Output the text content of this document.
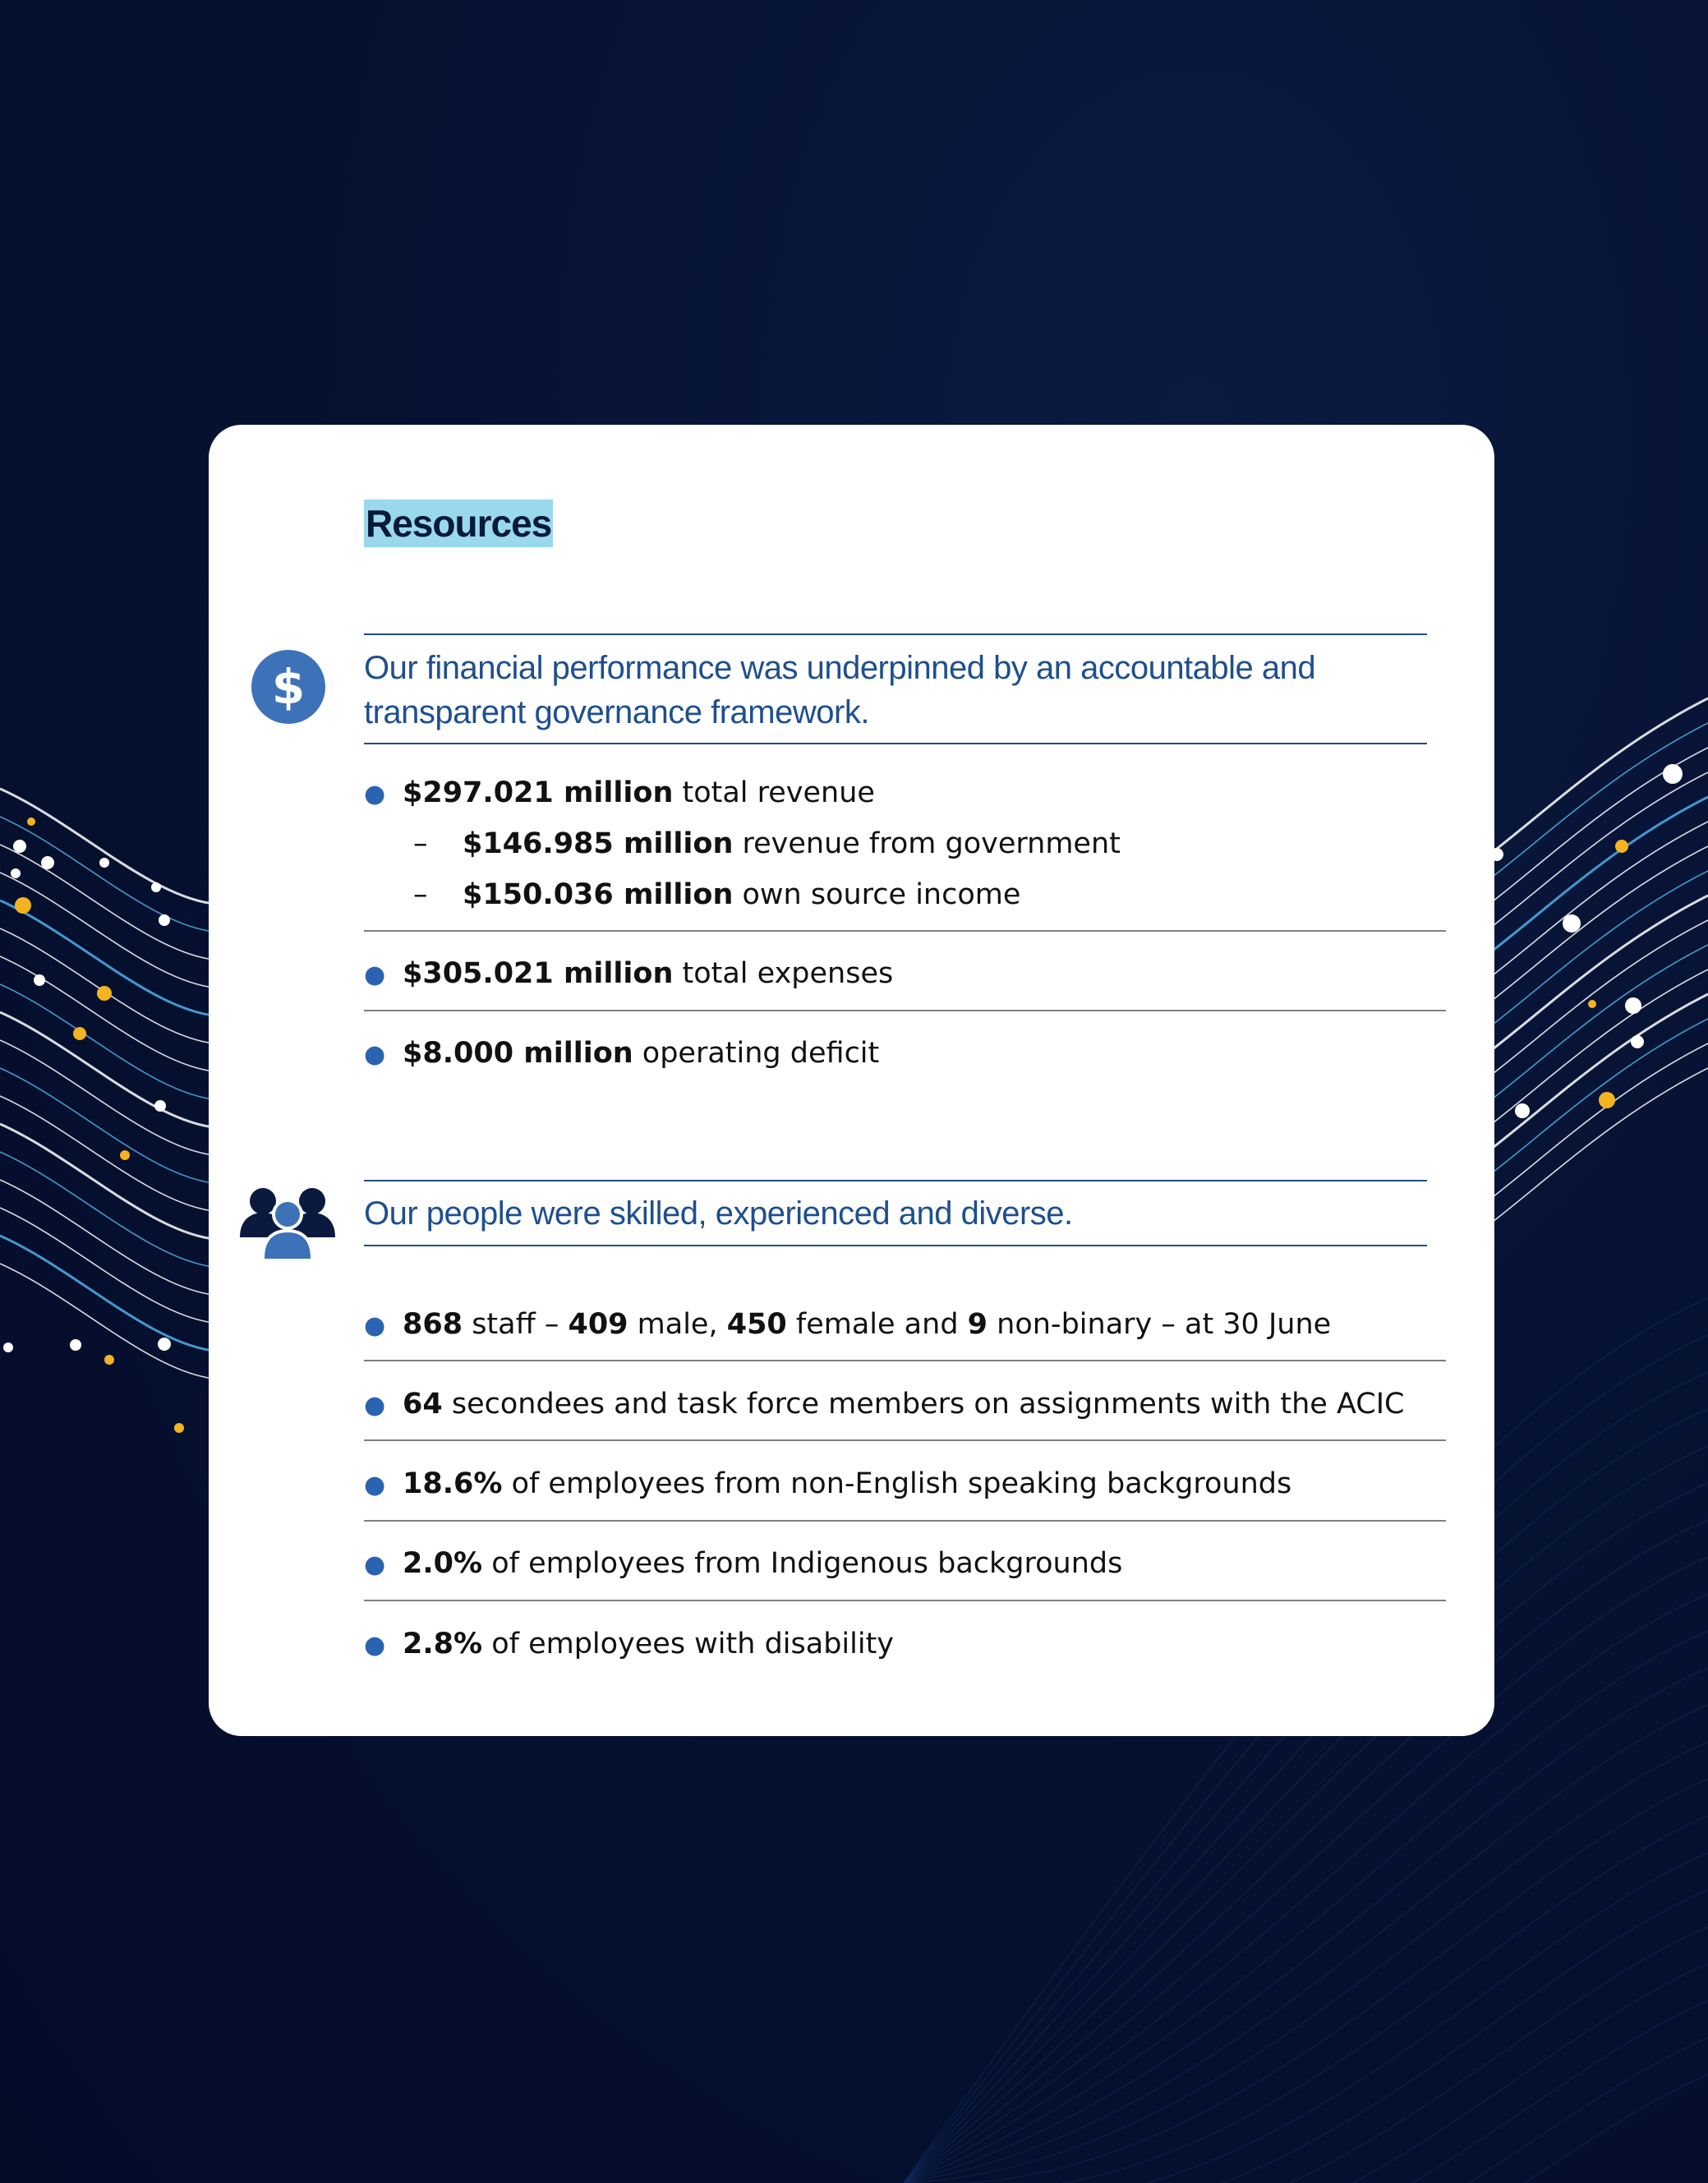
Resources
$ Our financial performance was underpinned by an accountable and transparent governance framework.
● $297.021 million total revenue
– $146.985 million revenue from government
– $150.036 million own source income
● $305.021 million total expenses
● $8.000 million operating deficit
Our people were skilled, experienced and diverse.
● 868 staff – 409 male, 450 female and 9 non-binary – at 30 June
● 64 secondees and task force members on assignments with the ACIC
● 18.6% of employees from non-English speaking backgrounds
● 2.0% of employees from Indigenous backgrounds
● 2.8% of employees with disability
